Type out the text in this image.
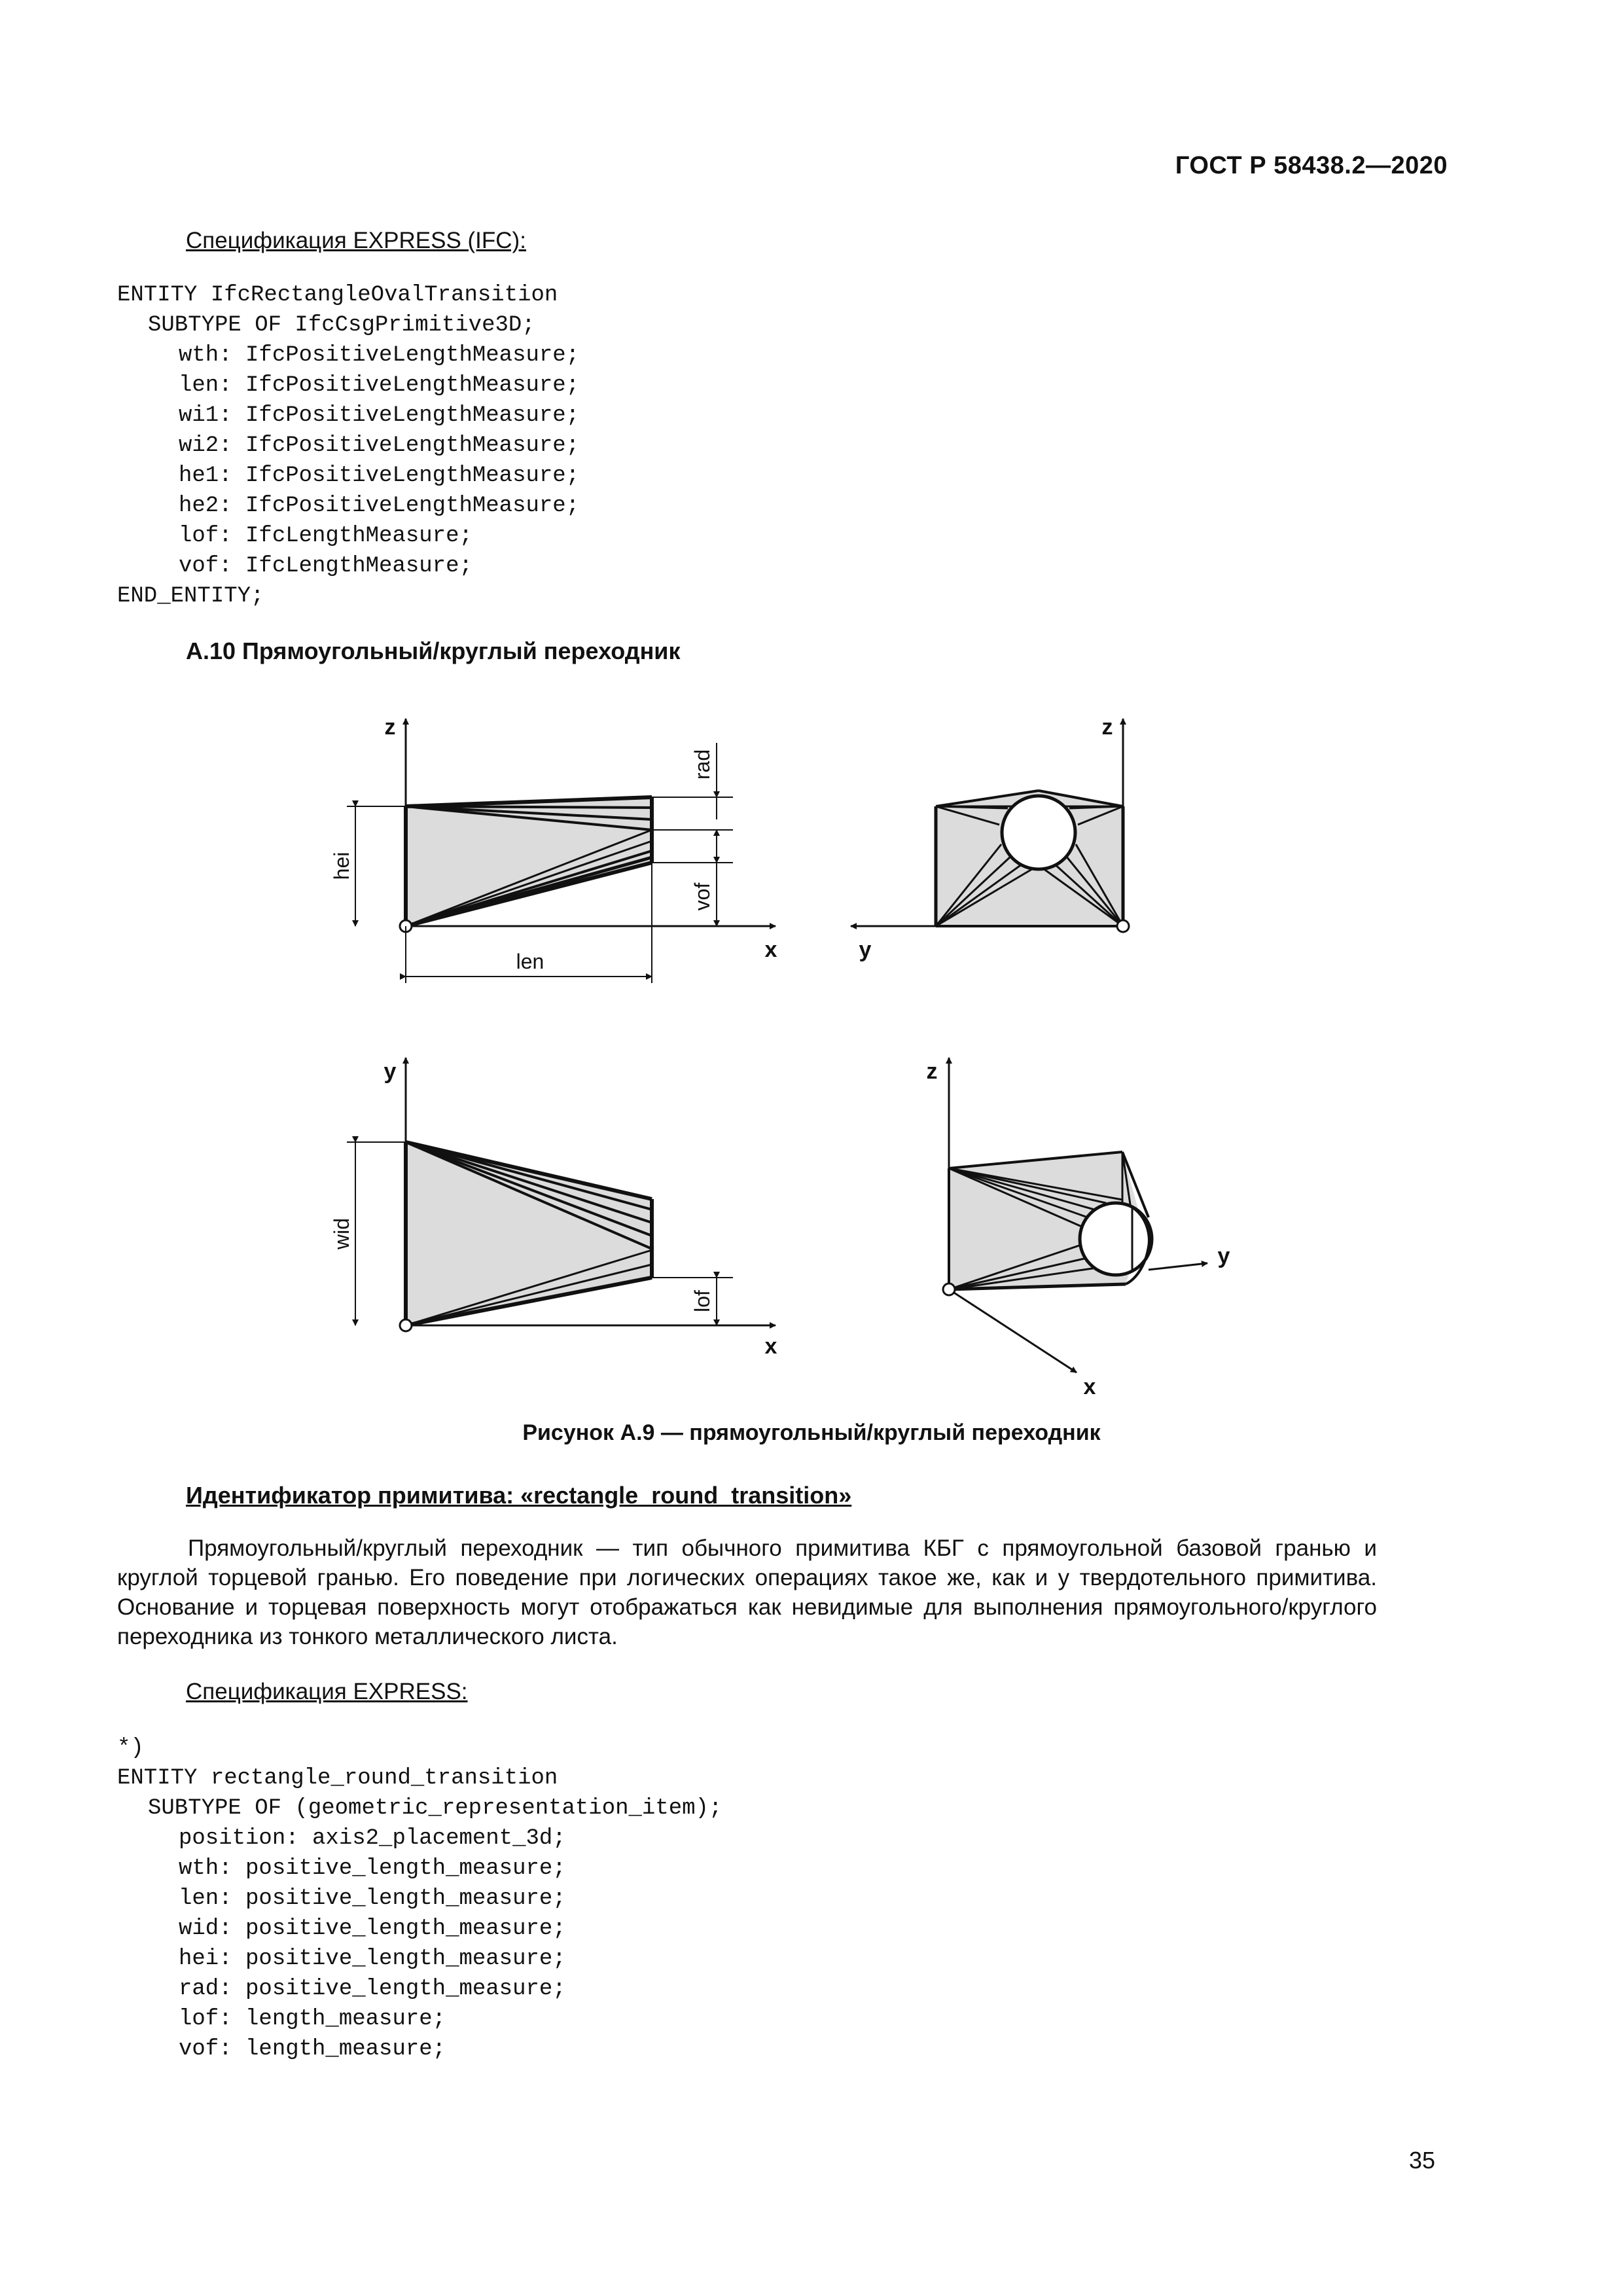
ГОСТ Р 58438.2—2020
Спецификация EXPRESS (IFC):
ENTITY IfcRectangleOvalTransition
SUBTYPE OF IfcCsgPrimitive3D;
wth: IfcPositiveLengthMeasure;
len: IfcPositiveLengthMeasure;
wi1: IfcPositiveLengthMeasure;
wi2: IfcPositiveLengthMeasure;
he1: IfcPositiveLengthMeasure;
he2: IfcPositiveLengthMeasure;
lof: IfcLengthMeasure;
vof: IfcLengthMeasure;
END_ENTITY;
А.10 Прямоугольный/круглый переходник
z
x
hei
len
rad
vof
z
y
y
x
wid
lof
z
y
x
Рисунок А.9 — прямоугольный/круглый переходник
Идентификатор примитива: «rectangle_round_transition»
Прямоугольный/круглый переходник — тип обычного примитива КБГ с прямоугольной базовой гранью и круглой торцевой гранью. Его поведение при логических операциях такое же, как и у твердотельного примитива. Основание и торцевая поверхность могут отображаться как невидимые для выполнения прямоугольного/круглого переходника из тонкого металлического листа.
Спецификация EXPRESS:
*)
ENTITY rectangle_round_transition
SUBTYPE OF (geometric_representation_item);
position: axis2_placement_3d;
wth: positive_length_measure;
len: positive_length_measure;
wid: positive_length_measure;
hei: positive_length_measure;
rad: positive_length_measure;
lof: length_measure;
vof: length_measure;
35
